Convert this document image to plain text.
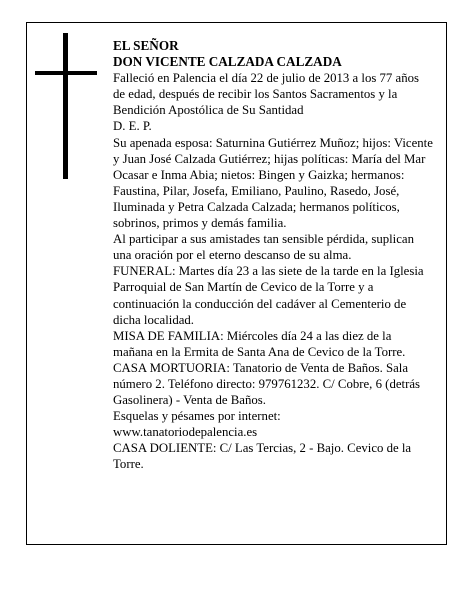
EL SEÑOR

DON VICENTE CALZADA CALZADA

Falleció en Palencia el día 22 de julio de 2013 a los 77 años de edad, después de recibir los Santos Sacramentos y la Bendición Apostólica de Su Santidad

D. E. P.

Su apenada esposa: Saturnina Gutiérrez Muñoz; hijos: Vicente y Juan José Calzada Gutiérrez; hijas políticas: María del Mar Ocasar e Inma Abia; nietos: Bingen y Gaizka; hermanos: Faustina, Pilar, Josefa, Emiliano, Paulino, Rasedo, José, Iluminada y Petra Calzada Calzada; hermanos políticos, sobrinos, primos y demás familia.

Al participar a sus amistades tan sensible pérdida, suplican una oración por el eterno descanso de su alma.

FUNERAL: Martes día 23 a las siete de la tarde en la Iglesia Parroquial de San Martín de Cevico de la Torre y a continuación la conducción del cadáver al Cementerio de dicha localidad.

MISA DE FAMILIA: Miércoles día 24 a las diez de la mañana en la Ermita de Santa Ana de Cevico de la Torre.

CASA MORTUORIA: Tanatorio de Venta de Baños. Sala número 2. Teléfono directo: 979761232. C/ Cobre, 6 (detrás Gasolinera) - Venta de Baños.

Esquelas y pésames por internet:

www.tanatoriodepalencia.es

CASA DOLIENTE: C/ Las Tercias, 2 - Bajo. Cevico de la Torre.
